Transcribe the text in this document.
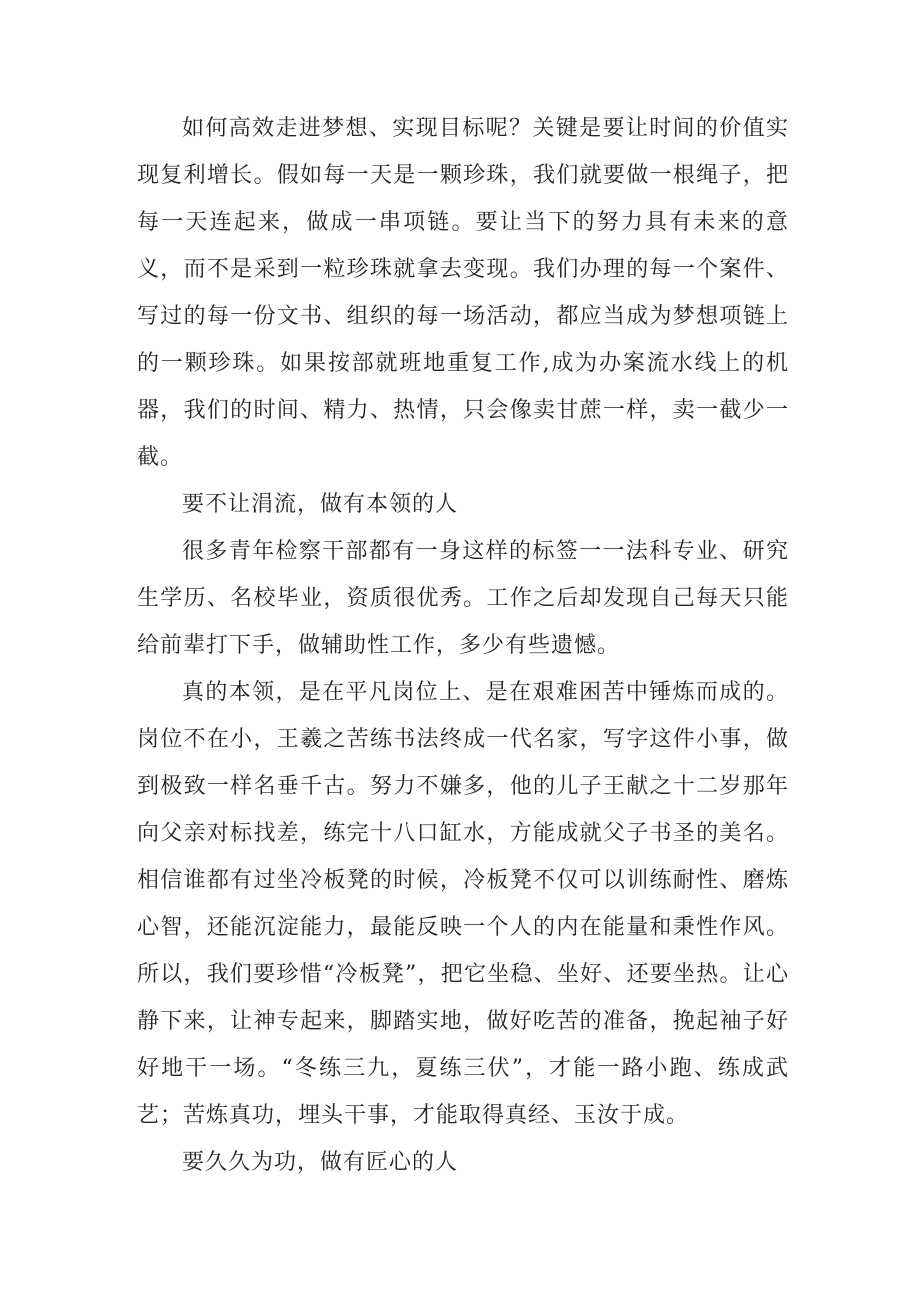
如何高效走进梦想、实现目标呢？关键是要让时间的价值实现复利增长。假如每一天是一颗珍珠，我们就要做一根绳子，把每一天连起来，做成一串项链。要让当下的努力具有未来的意义，而不是采到一粒珍珠就拿去变现。我们办理的每一个案件、写过的每一份文书、组织的每一场活动，都应当成为梦想项链上的一颗珍珠。如果按部就班地重复工作,成为办案流水线上的机器，我们的时间、精力、热情，只会像卖甘蔗一样，卖一截少一截。

要不让涓流，做有本领的人

很多青年检察干部都有一身这样的标签一一法科专业、研究生学历、名校毕业，资质很优秀。工作之后却发现自己每天只能给前辈打下手，做辅助性工作，多少有些遗憾。

真的本领，是在平凡岗位上、是在艰难困苦中锤炼而成的。岗位不在小，王羲之苦练书法终成一代名家，写字这件小事，做到极致一样名垂千古。努力不嫌多，他的儿子王献之十二岁那年向父亲对标找差，练完十八口缸水，方能成就父子书圣的美名。相信谁都有过坐冷板凳的时候，冷板凳不仅可以训练耐性、磨炼心智，还能沉淀能力，最能反映一个人的内在能量和秉性作风。所以，我们要珍惜“冷板凳”，把它坐稳、坐好、还要坐热。让心静下来，让神专起来，脚踏实地，做好吃苦的准备，挽起袖子好好地干一场。“冬练三九，夏练三伏”，才能一路小跑、练成武艺；苦炼真功，埋头干事，才能取得真经、玉汝于成。

要久久为功，做有匠心的人
